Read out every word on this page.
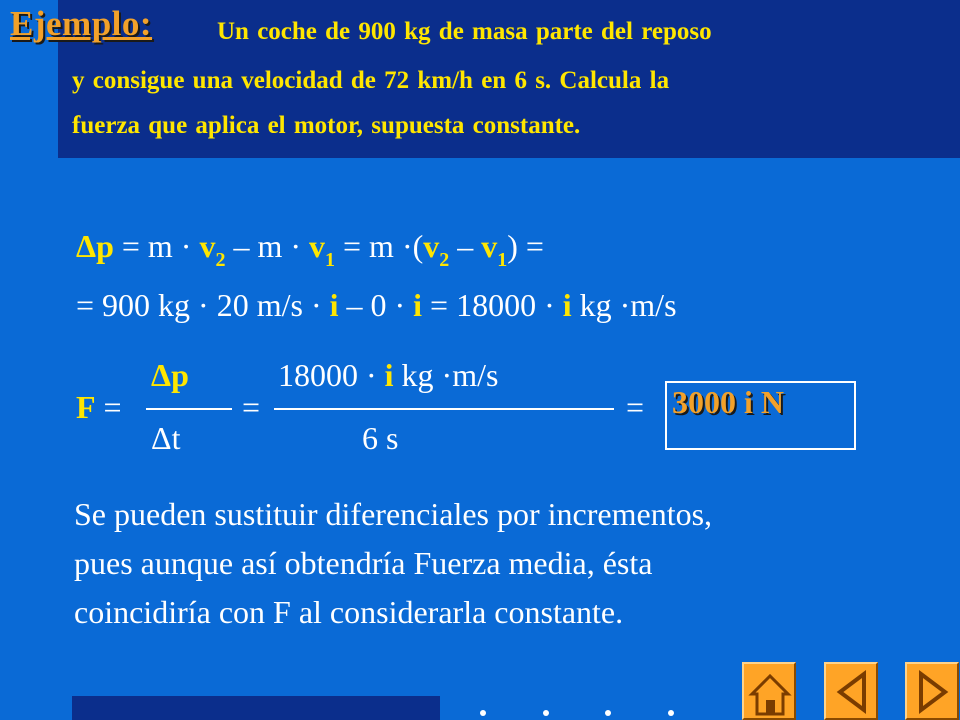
Ejemplo:	Un coche de 900 kg de masa parte del reposo
y consigue una velocidad de 72 km/h en 6 s. Calcula la
fuerza que aplica el motor, supuesta constante.
$\Delta p = m \cdot v_2 - m \cdot v_1 = m \cdot(v_2 - v_1)$ =
= 900 kg · 20 m/s · i – 0 · i = 18000 · i kg ·m/s
Δp
Δt
18000 · i kg ·m/s
6 s
F =	=	= 3000 i N
Se pueden sustituir diferenciales por incrementos,
pues aunque así obtendría Fuerza media, ésta
coincidiría con F al considerarla constante.
